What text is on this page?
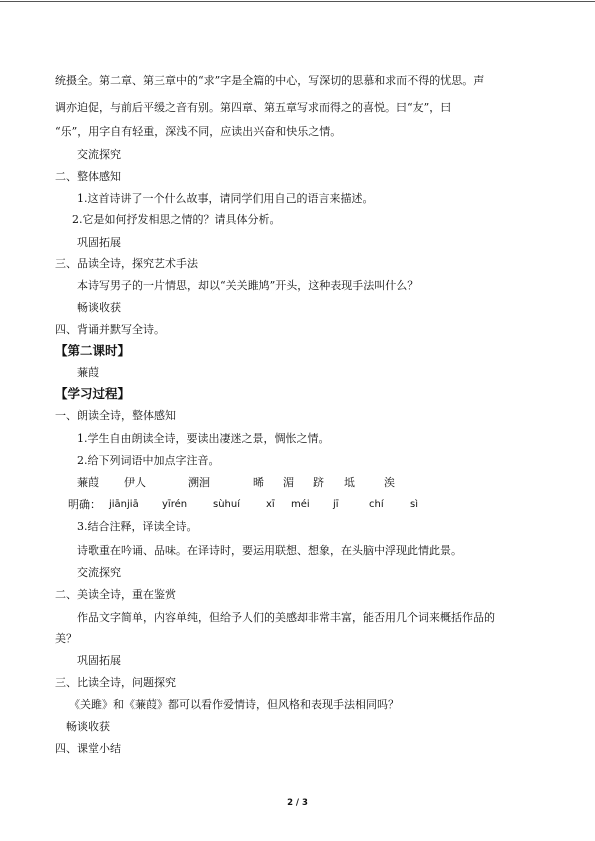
统摄全。第二章、第三章中的“求”字是全篇的中心，写深切的思慕和求而不得的忧思。声
调亦迫促，与前后平缓之音有别。第四章、第五章写求而得之的喜悦。曰“友”，曰
“乐”，用字自有轻重，深浅不同，应读出兴奋和快乐之情。
交流探究
二、整体感知
1.这首诗讲了一个什么故事，请同学们用自己的语言来描述。
2.它是如何抒发相思之情的？请具体分析。
巩固拓展
三、品读全诗，探究艺术手法
本诗写男子的一片情思，却以“关关雎鸠”开头，这种表现手法叫什么？
畅谈收获
四、背诵并默写全诗。
【第二课时】
蒹葭
【学习过程】
一、朗读全诗，整体感知
1.学生自由朗读全诗，要读出凄迷之景，惆怅之情。
2.给下列词语中加点字注音。
蒹葭 伊人	溯洄	晞 湄 跻 坻	涘
明确： jiānjiā yīrén	sùhuí	xī méi jī	chí	sì
3.结合注释，译读全诗。
诗歌重在吟诵、品味。在译诗时，要运用联想、想象，在头脑中浮现此情此景。
交流探究
二、美读全诗，重在鉴赏
作品文字简单，内容单纯，但给予人们的美感却非常丰富，能否用几个词来概括作品的
美？
巩固拓展
三、比读全诗，问题探究
《关雎》和《蒹葭》都可以看作爱情诗，但风格和表现手法相同吗？
畅谈收获
四、课堂小结
2 / 3
